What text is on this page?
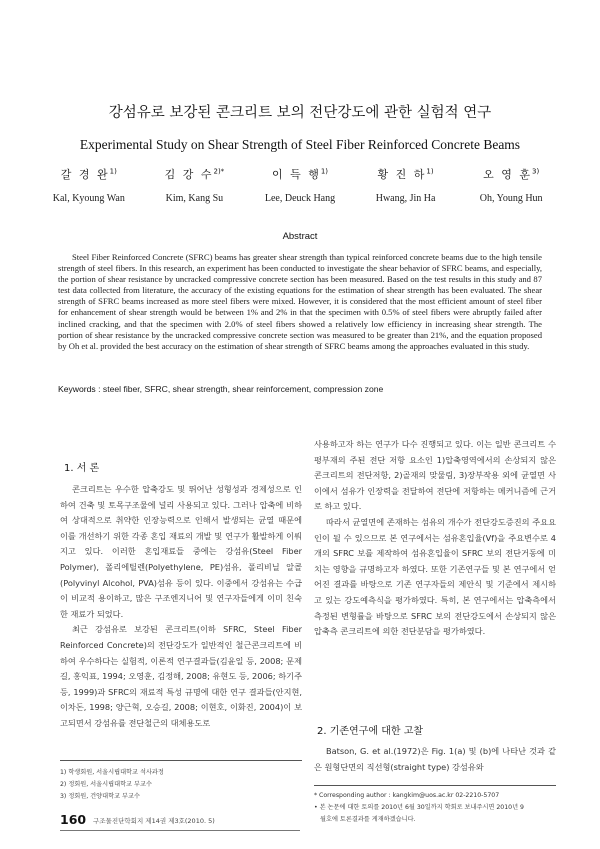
강섬유로 보강된 콘크리트 보의 전단강도에 관한 실험적 연구
Experimental Study on Shear Strength of Steel Fiber Reinforced Concrete Beams
갈 경 완$^{1)}$
Kal, Kyoung Wan
김 강 수$^{2)*}$
Kim, Kang Su
이 득 행$^{1)}$
Lee, Deuck Hang
황 진 하$^{1)}$
Hwang, Jin Ha
오 영 훈$^{3)}$
Oh, Young Hun
Abstract

Steel Fiber Reinforced Concrete (SFRC) beams has greater shear strength than typical reinforced concrete beams due to the high tensile strength of steel fibers. In this research, an experiment has been conducted to investigate the shear behavior of SFRC beams, and especially, the portion of shear resistance by uncracked compressive concrete section has been measured. Based on the test results in this study and 87 test data collected from literature, the accuracy of the existing equations for the estimation of shear strength has been evaluated. The shear strength of SFRC beams increased as more steel fibers were mixed. However, it is considered that the most efficient amount of steel fiber for enhancement of shear strength would be between 1% and 2% in that the specimen with 0.5% of steel fibers were abruptly failed after inclined cracking, and that the specimen with 2.0% of steel fibers showed a relatively low efficiency in increasing shear strength. The portion of shear resistance by the uncracked compressive concrete section was measured to be greater than 21%, and the equation proposed by Oh et al. provided the best accuracy on the estimation of shear strength of SFRC beams among the approaches evaluated in this study.

Keywords : steel fiber, SFRC, shear strength, shear reinforcement, compression zone
1. 서 론

콘크리트는 우수한 압축강도 및 뛰어난 성형성과 경제성으로 인하여 건축 및 토목구조물에 널리 사용되고 있다. 그러나 압축에 비하여 상대적으로 취약한 인장능력으로 인해서 발생되는 균열 때문에 이를 개선하기 위한 각종 혼입 재료의 개발 및 연구가 활발하게 이뤄지고 있다. 이러한 혼입재료들 중에는 강섬유(Steel Fiber Polymer), 폴리에틸렌(Polyethylene, PE)섬유, 폴리비닐 알콜(Polyvinyl Alcohol, PVA)섬유 등이 있다. 이중에서 강섬유는 수급이 비교적 용이하고, 많은 구조엔지니어 및 연구자들에게 이미 친숙한 재료가 되었다.

최근 강섬유로 보강된 콘크리트(이하 SFRC, Steel Fiber Reinforced Concrete)의 전단강도가 일반적인 철근콘크리트에 비하여 우수하다는 실험적, 이론적 연구결과들(김윤일 등, 2008; 문제길, 홍익표, 1994; 오영훈, 김정해, 2008; 유현도 등, 2006; 하기주 등, 1999)과 SFRC의 재료적 특성 규명에 대한 연구 결과들(안지현, 이차돈, 1998; 양근혁, 오승길, 2008; 이현호, 이화진, 2004)이 보고되면서 강섬유를 전단철근의 대체용도로

1) 학생회원, 서울시립대학교 석사과정
2) 정회원, 서울시립대학교 부교수
3) 정회원, 건양대학교 부교수

사용하고자 하는 연구가 다수 진행되고 있다. 이는 일반 콘크리트 수평부재의 주된 전단 저항 요소인 1)압축영역에서의 손상되지 않은 콘크리트의 전단저항, 2)골재의 맞물림, 3)장부작용 외에 균열면 사이에서 섬유가 인장력을 전달하여 전단에 저항하는 메커니즘에 근거로 하고 있다.

따라서 균열면에 존재하는 섬유의 개수가 전단강도증진의 주요요인이 될 수 있으므로 본 연구에서는 섬유혼입율(Vf)을 주요변수로 4개의 SFRC 보를 제작하여 섬유혼입율이 SFRC 보의 전단거동에 미치는 영향을 규명하고자 하였다. 또한 기존연구들 및 본 연구에서 얻어진 결과를 바탕으로 기존 연구자들의 제안식 및 기준에서 제시하고 있는 강도예측식을 평가하였다. 특히, 본 연구에서는 압축측에서 측정된 변형률을 바탕으로 SFRC 보의 전단강도에서 손상되지 않은 압축측 콘크리트에 의한 전단분담을 평가하였다.

2. 기존연구에 대한 고찰

Batson, G. et al.(1972)은 Fig. 1(a) 및 (b)에 나타난 것과 같은 원형단면의 직선형(straight type) 강섬유와

* Corresponding author : kangkim@uos.ac.kr 02-2210-5707
• 본 논문에 대한 토의를 2010년 6월 30일까지 학회로 보내주시면 2010년 9
월호에 토론결과를 게재하겠습니다.
160 구조물진단학회지 제14권 제3호(2010. 5)
